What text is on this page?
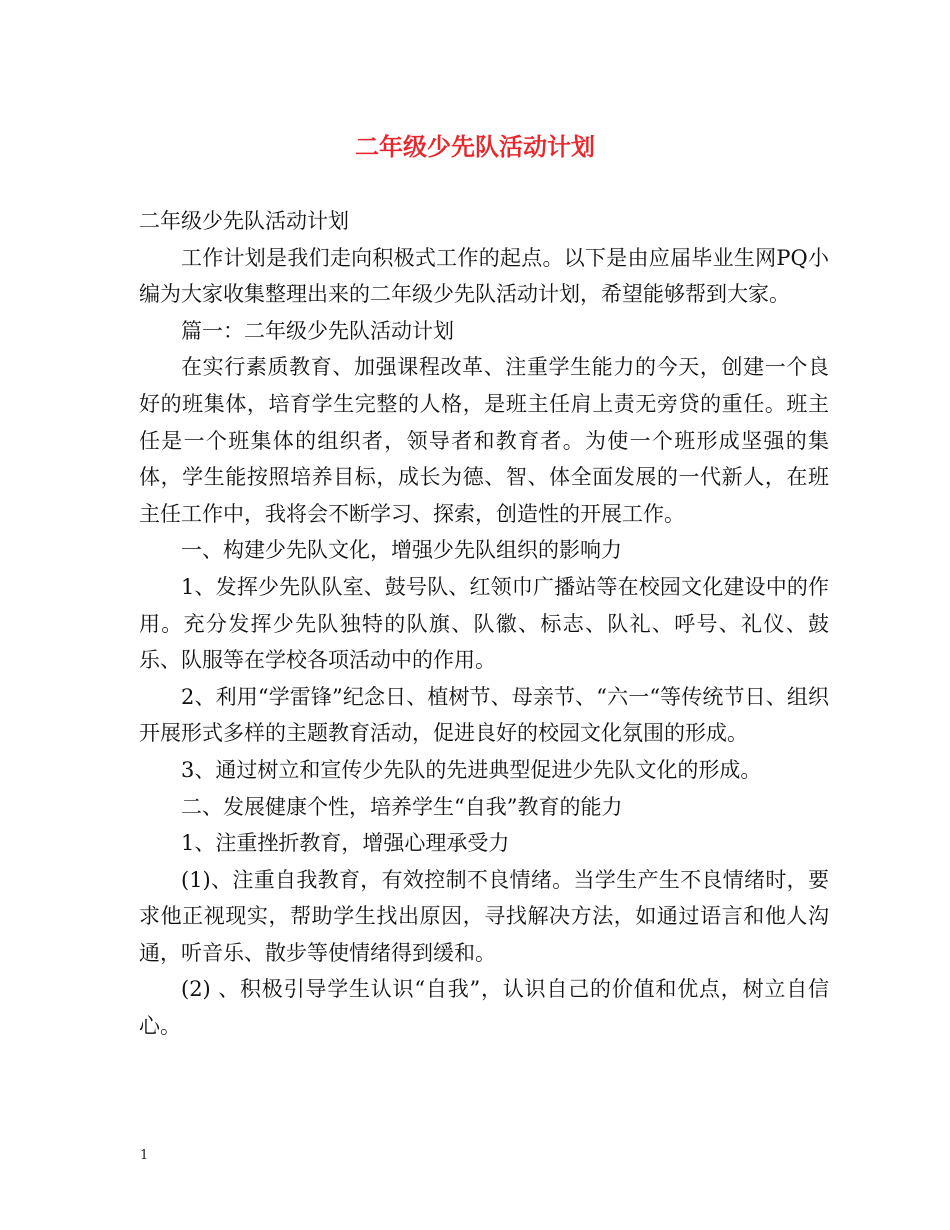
二年级少先队活动计划

二年级少先队活动计划

工作计划是我们走向积极式工作的起点。以下是由应届毕业生网PQ小编为大家收集整理出来的二年级少先队活动计划，希望能够帮到大家。

篇一：二年级少先队活动计划

在实行素质教育、加强课程改革、注重学生能力的今天，创建一个良好的班集体，培育学生完整的人格，是班主任肩上责无旁贷的重任。班主任是一个班集体的组织者，领导者和教育者。为使一个班形成坚强的集体，学生能按照培养目标，成长为德、智、体全面发展的一代新人，在班主任工作中，我将会不断学习、探索，创造性的开展工作。

一、构建少先队文化，增强少先队组织的影响力

1、发挥少先队队室、鼓号队、红领巾广播站等在校园文化建设中的作用。充分发挥少先队独特的队旗、队徽、标志、队礼、呼号、礼仪、鼓乐、队服等在学校各项活动中的作用。

2、利用“学雷锋”纪念日、植树节、母亲节、“六一“等传统节日、组织开展形式多样的主题教育活动，促进良好的校园文化氛围的形成。

3、通过树立和宣传少先队的先进典型促进少先队文化的形成。

二、发展健康个性，培养学生“自我”教育的能力

1、注重挫折教育，增强心理承受力

(1)、注重自我教育，有效控制不良情绪。当学生产生不良情绪时，要求他正视现实，帮助学生找出原因，寻找解决方法，如通过语言和他人沟通，听音乐、散步等使情绪得到缓和。

(2) 、积极引导学生认识“自我”，认识自己的价值和优点，树立自信心。

1
